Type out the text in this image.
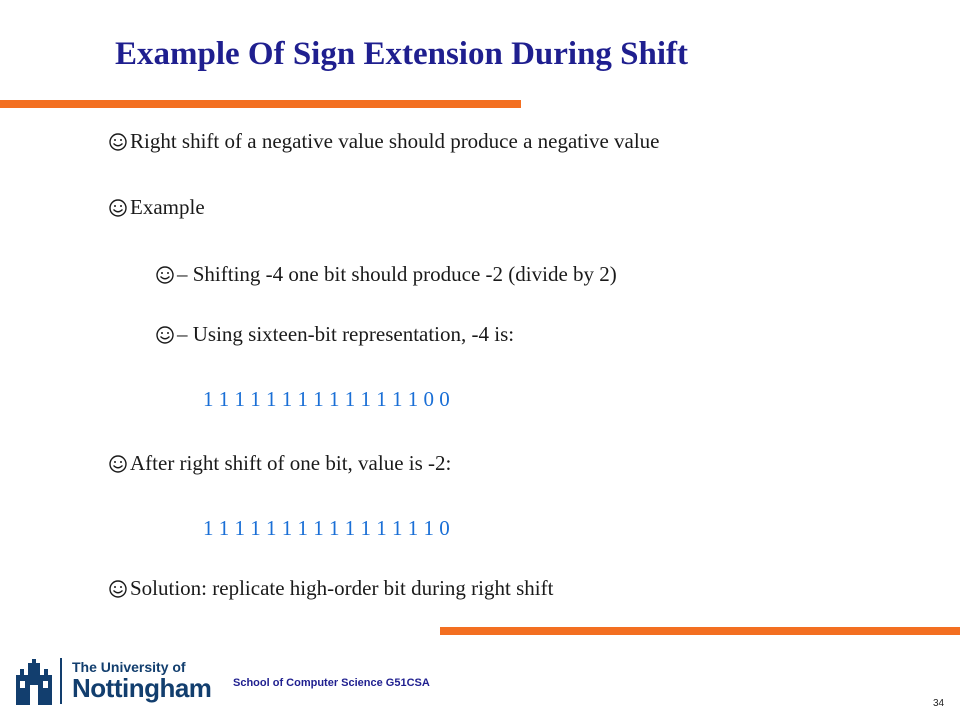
Example Of Sign Extension During Shift
Right shift of a negative value should produce a negative value
Example
– Shifting -4 one bit should produce -2 (divide by 2)
– Using sixteen-bit representation, -4 is:
1 1 1 1 1 1 1 1 1 1 1 1 1 1 0 0
After right shift of one bit, value is -2:
1 1 1 1 1 1 1 1 1 1 1 1 1 1 1 0
Solution: replicate high-order bit during right shift
The University of
Nottingham School of Computer Science G51CSA
34
